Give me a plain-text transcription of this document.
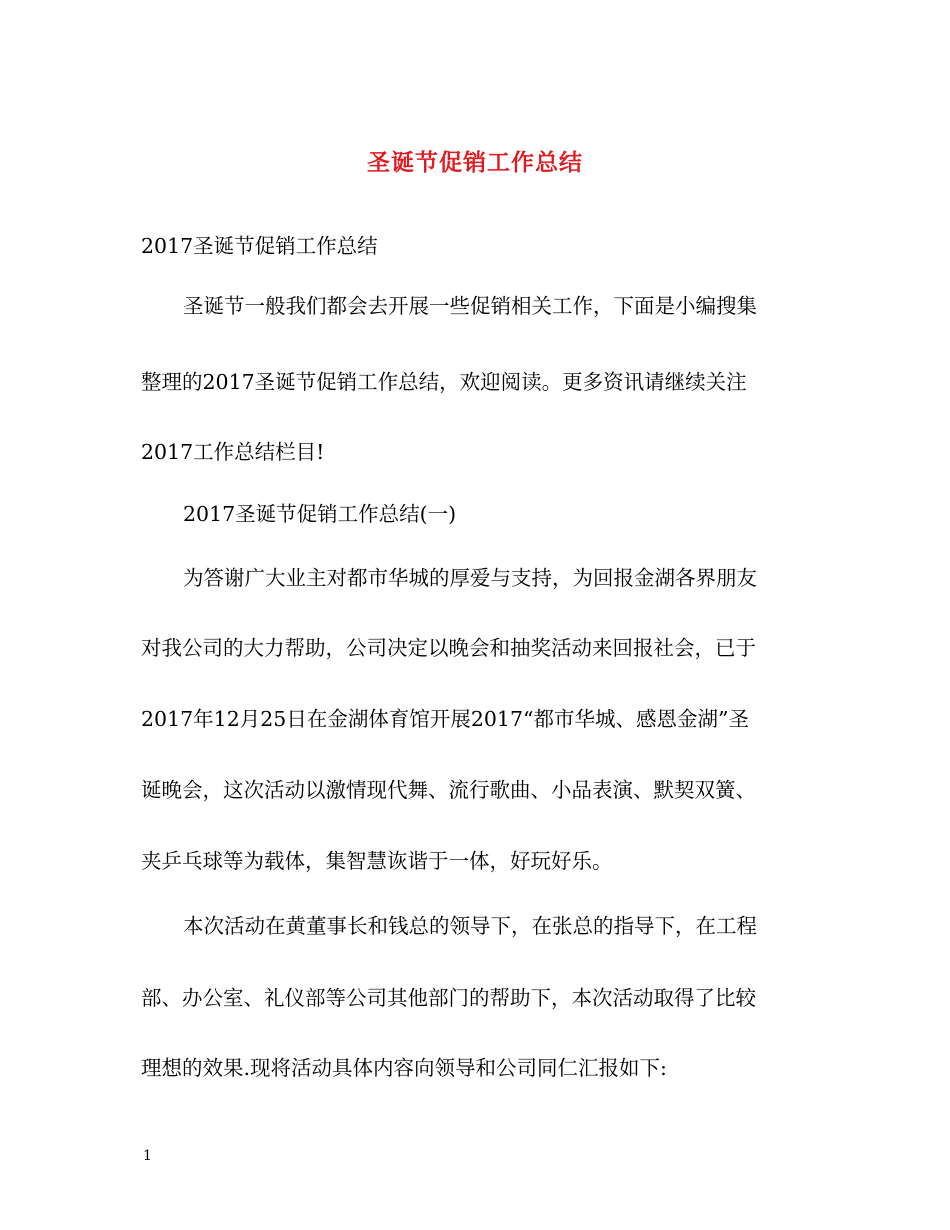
圣诞节促销工作总结
2017圣诞节促销工作总结
圣诞节一般我们都会去开展一些促销相关工作，下面是小编搜集
整理的2017圣诞节促销工作总结，欢迎阅读。更多资讯请继续关注
2017工作总结栏目!
2017圣诞节促销工作总结(一)
为答谢广大业主对都市华城的厚爱与支持，为回报金湖各界朋友
对我公司的大力帮助，公司决定以晚会和抽奖活动来回报社会，已于
2017年12月25日在金湖体育馆开展2017“都市华城、感恩金湖”圣
诞晚会，这次活动以激情现代舞、流行歌曲、小品表演、默契双簧、
夹乒乓球等为载体，集智慧诙谐于一体，好玩好乐。
本次活动在黄董事长和钱总的领导下，在张总的指导下，在工程
部、办公室、礼仪部等公司其他部门的帮助下，本次活动取得了比较
理想的效果.现将活动具体内容向领导和公司同仁汇报如下:
1
